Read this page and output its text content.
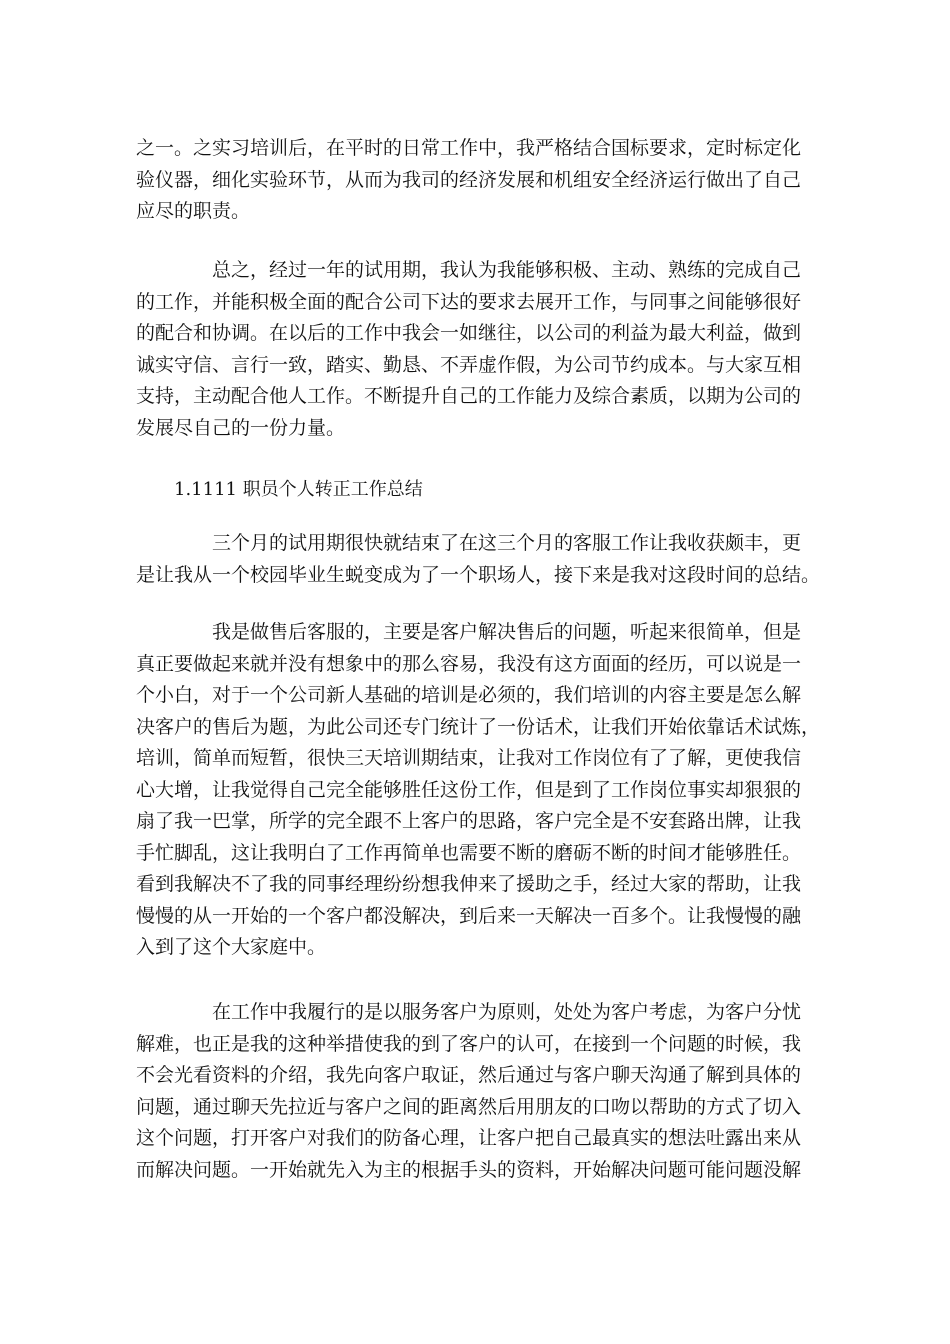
之一。之实习培训后，在平时的日常工作中，我严格结合国标要求，定时标定化
验仪器，细化实验环节，从而为我司的经济发展和机组安全经济运行做出了自己
应尽的职责。
总之，经过一年的试用期，我认为我能够积极、主动、熟练的完成自己
的工作，并能积极全面的配合公司下达的要求去展开工作，与同事之间能够很好
的配合和协调。在以后的工作中我会一如继往，以公司的利益为最大利益，做到
诚实守信、言行一致，踏实、勤恳、不弄虚作假，为公司节约成本。与大家互相
支持，主动配合他人工作。不断提升自己的工作能力及综合素质，以期为公司的
发展尽自己的一份力量。
1.1111 职员个人转正工作总结
三个月的试用期很快就结束了在这三个月的客服工作让我收获颇丰，更
是让我从一个校园毕业生蜕变成为了一个职场人，接下来是我对这段时间的总结。
我是做售后客服的，主要是客户解决售后的问题，听起来很简单，但是
真正要做起来就并没有想象中的那么容易，我没有这方面面的经历，可以说是一
个小白，对于一个公司新人基础的培训是必须的，我们培训的内容主要是怎么解
决客户的售后为题，为此公司还专门统计了一份话术，让我们开始依靠话术试炼，
培训，简单而短暂，很快三天培训期结束，让我对工作岗位有了了解，更使我信
心大增，让我觉得自己完全能够胜任这份工作，但是到了工作岗位事实却狠狠的
扇了我一巴掌，所学的完全跟不上客户的思路，客户完全是不安套路出牌，让我
手忙脚乱，这让我明白了工作再简单也需要不断的磨砺不断的时间才能够胜任。
看到我解决不了我的同事经理纷纷想我伸来了援助之手，经过大家的帮助，让我
慢慢的从一开始的一个客户都没解决，到后来一天解决一百多个。让我慢慢的融
入到了这个大家庭中。
在工作中我履行的是以服务客户为原则，处处为客户考虑，为客户分忧
解难，也正是我的这种举措使我的到了客户的认可，在接到一个问题的时候，我
不会光看资料的介绍，我先向客户取证，然后通过与客户聊天沟通了解到具体的
问题，通过聊天先拉近与客户之间的距离然后用朋友的口吻以帮助的方式了切入
这个问题，打开客户对我们的防备心理，让客户把自己最真实的想法吐露出来从
而解决问题。一开始就先入为主的根据手头的资料，开始解决问题可能问题没解
